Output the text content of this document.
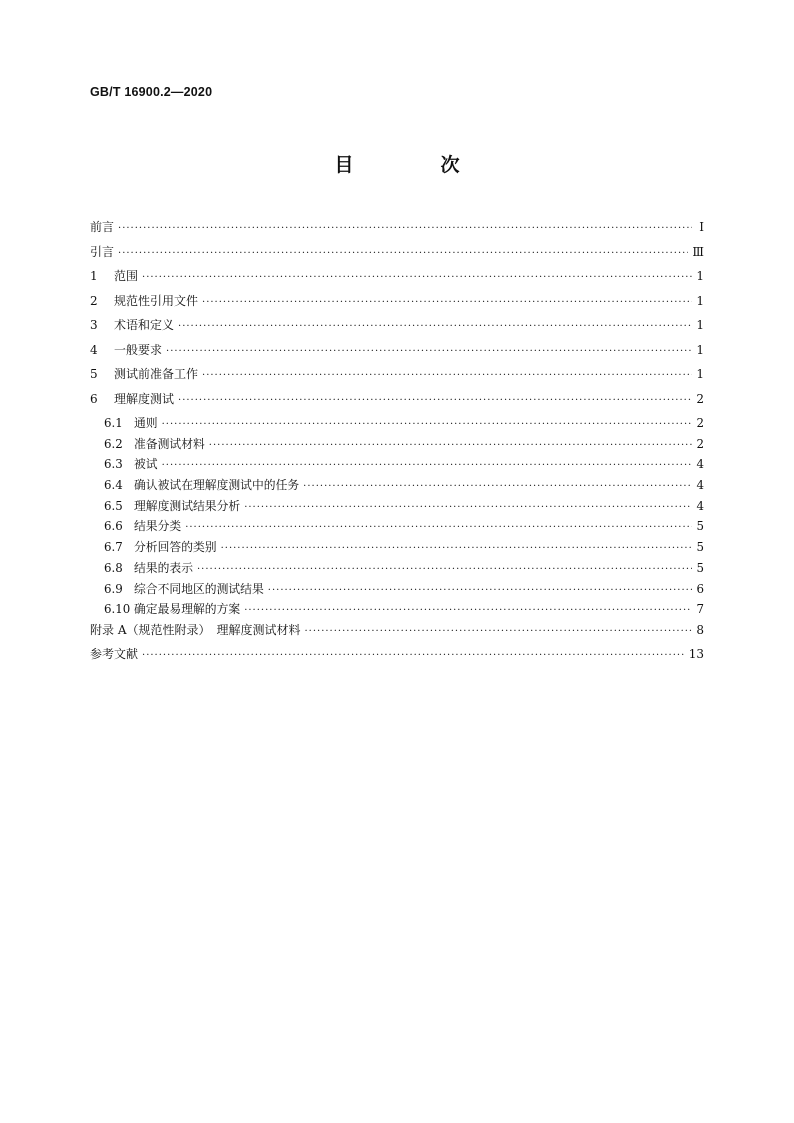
GB/T 16900.2—2020
目　次
前言 ·····	Ⅰ
引言 ·····	Ⅲ
1	范围 ·····	1
2	规范性引用文件 ·····	1
3	术语和定义 ·····	1
4	一般要求 ·····	1
5	测试前准备工作 ·····	1
6	理解度测试 ·····	2
6.1 通则 ·····	2
6.2 准备测试材料 ·····	2
6.3 被试 ·····	4
6.4 确认被试在理解度测试中的任务 ·····	4
6.5 理解度测试结果分析 ·····	4
6.6 结果分类 ·····	5
6.7 分析回答的类别 ·····	5
6.8 结果的表示 ·····	5
6.9 综合不同地区的测试结果 ·····	6
6.10 确定最易理解的方案 ·····	7
附录 A（规范性附录）　理解度测试材料 ·····	8
参考文献 ·····	13
